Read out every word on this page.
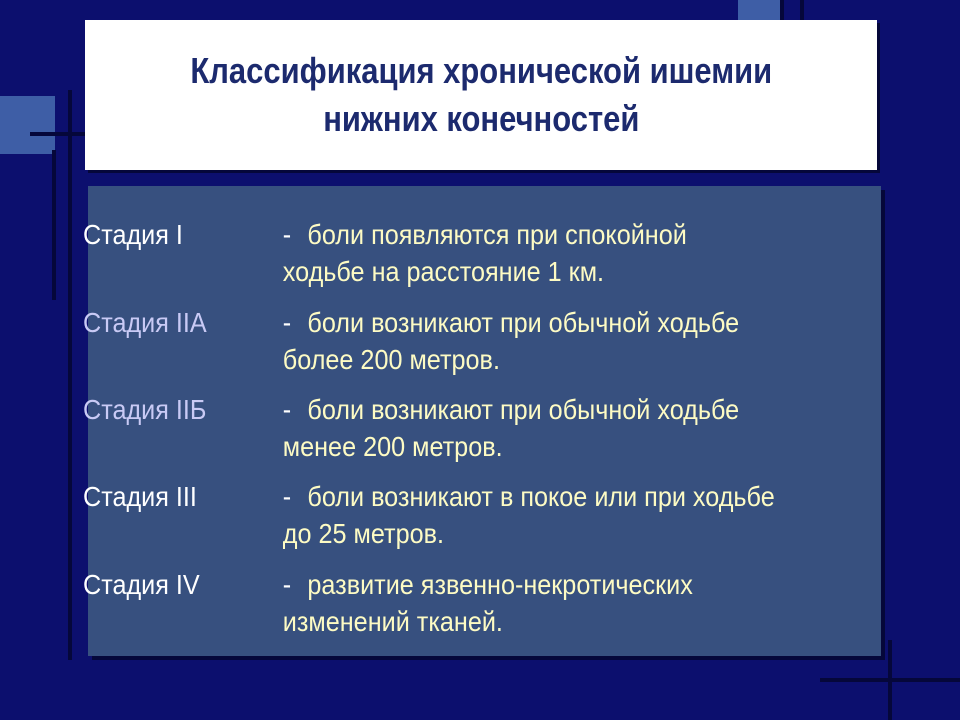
Классификация хронической ишемии
нижних конечностей
Стадия I	- боли появляются при спокойной
ходьбе на расстояние 1 км.
Стадия IIA	- боли возникают при обычной ходьбе
более 200 метров.
Стадия IIБ	- боли возникают при обычной ходьбе
менее 200 метров.
Стадия III	- боли возникают в покое или при ходьбе
до 25 метров.
Стадия IV	- развитие язвенно-некротических
изменений тканей.
